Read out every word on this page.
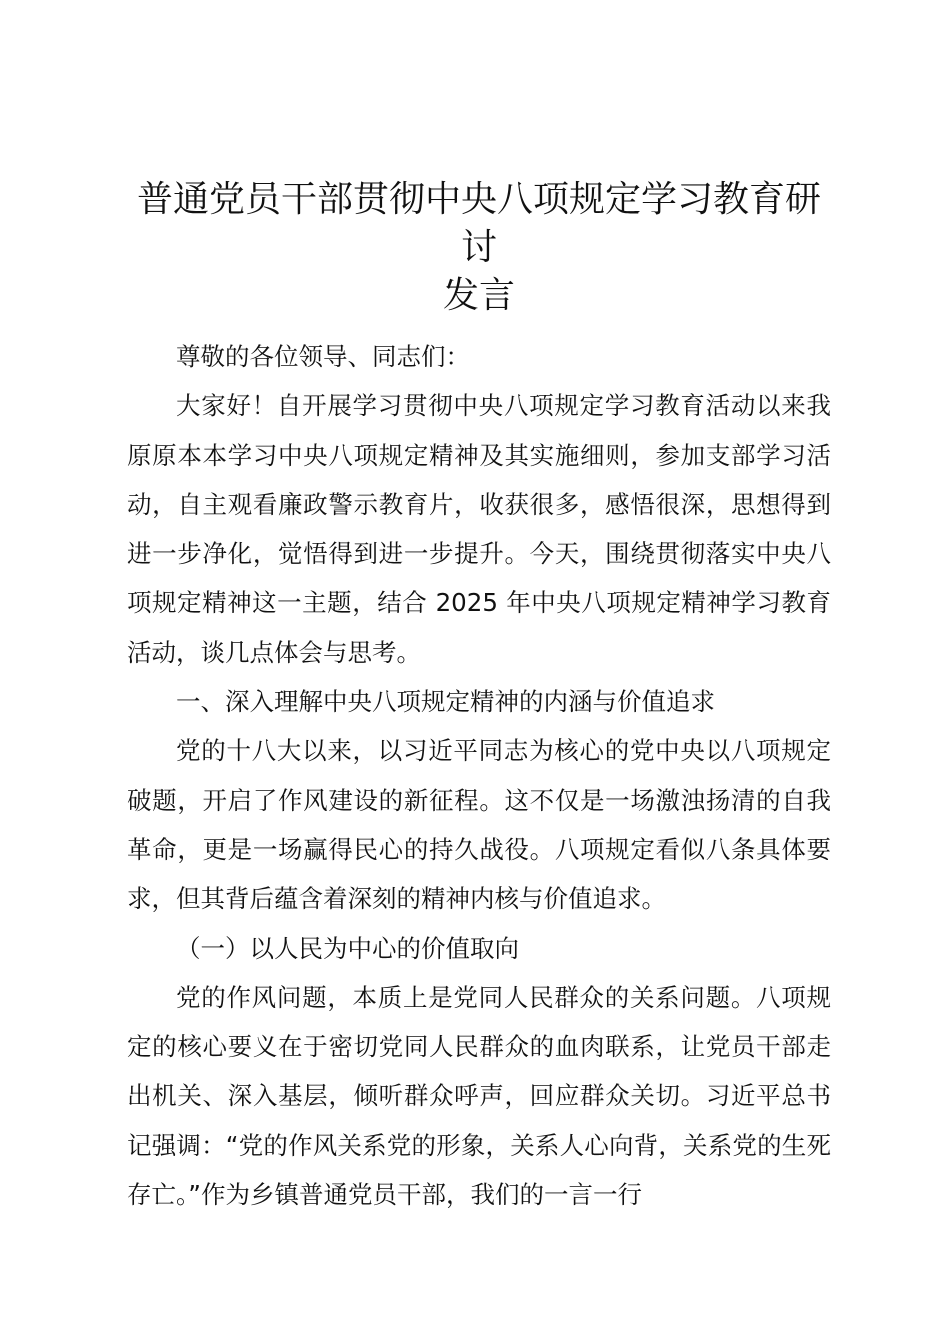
普通党员干部贯彻中央八项规定学习教育研讨
发言

尊敬的各位领导、同志们：

大家好！自开展学习贯彻中央八项规定学习教育活动以来我原原本本学习中央八项规定精神及其实施细则，参加支部学习活动，自主观看廉政警示教育片，收获很多，感悟很深，思想得到进一步净化，觉悟得到进一步提升。今天，围绕贯彻落实中央八项规定精神这一主题，结合 2025 年中央八项规定精神学习教育活动，谈几点体会与思考。

一、深入理解中央八项规定精神的内涵与价值追求

党的十八大以来，以习近平同志为核心的党中央以八项规定破题，开启了作风建设的新征程。这不仅是一场激浊扬清的自我革命，更是一场赢得民心的持久战役。八项规定看似八条具体要求，但其背后蕴含着深刻的精神内核与价值追求。

（一）以人民为中心的价值取向

党的作风问题，本质上是党同人民群众的关系问题。八项规定的核心要义在于密切党同人民群众的血肉联系，让党员干部走出机关、深入基层，倾听群众呼声，回应群众关切。习近平总书记强调：“党的作风关系党的形象，关系人心向背，关系党的生死存亡。”作为乡镇普通党员干部，我们的一言一行
